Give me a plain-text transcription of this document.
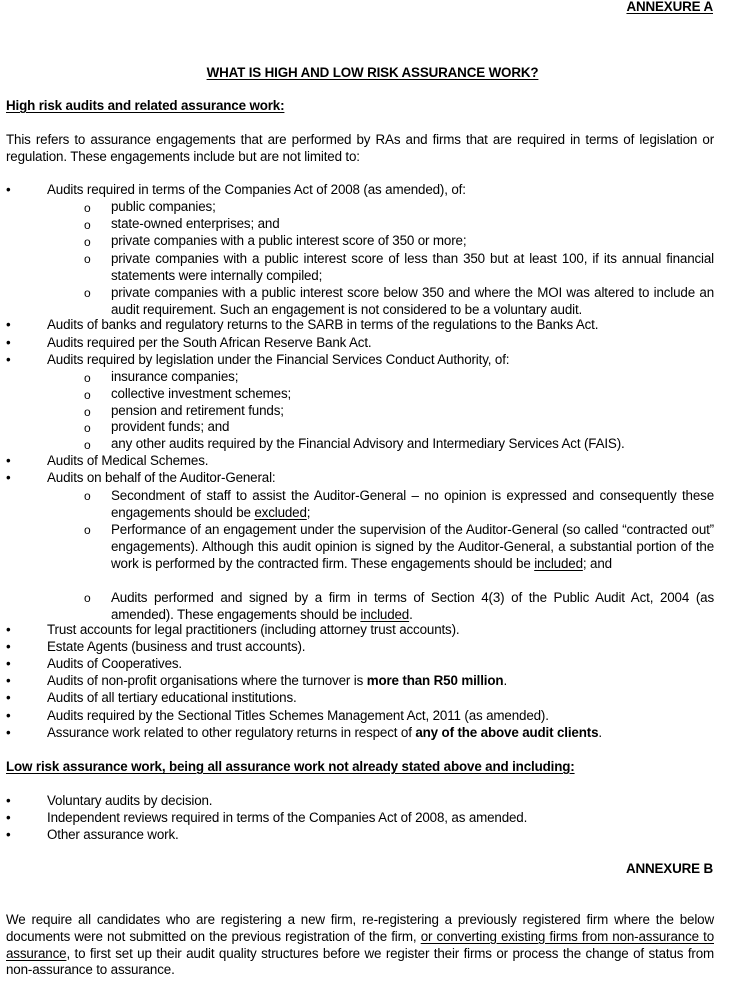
ANNEXURE A
WHAT IS HIGH AND LOW RISK ASSURANCE WORK?
High risk audits and related assurance work:
This refers to assurance engagements that are performed by RAs and firms that are required in terms of legislation or regulation. These engagements include but are not limited to:
•	Audits required in terms of the Companies Act of 2008 (as amended), of:
o public companies;
o state-owned enterprises; and
o private companies with a public interest score of 350 or more;
o private companies with a public interest score of less than 350 but at least 100, if its annual financial statements were internally compiled;
o private companies with a public interest score below 350 and where the MOI was altered to include an audit requirement. Such an engagement is not considered to be a voluntary audit.
•	Audits of banks and regulatory returns to the SARB in terms of the regulations to the Banks Act.
•	Audits required per the South African Reserve Bank Act.
•	Audits required by legislation under the Financial Services Conduct Authority, of:
o insurance companies;
o collective investment schemes;
o pension and retirement funds;
o provident funds; and
o any other audits required by the Financial Advisory and Intermediary Services Act (FAIS).
•	Audits of Medical Schemes.
•	Audits on behalf of the Auditor-General:
o Secondment of staff to assist the Auditor-General – no opinion is expressed and consequently these engagements should be excluded;
o Performance of an engagement under the supervision of the Auditor-General (so called “contracted out” engagements). Although this audit opinion is signed by the Auditor-General, a substantial portion of the work is performed by the contracted firm. These engagements should be included; and
o Audits performed and signed by a firm in terms of Section 4(3) of the Public Audit Act, 2004 (as amended). These engagements should be included.
•	Trust accounts for legal practitioners (including attorney trust accounts).
•	Estate Agents (business and trust accounts).
•	Audits of Cooperatives.
•	Audits of non-profit organisations where the turnover is more than R50 million.
•	Audits of all tertiary educational institutions.
•	Audits required by the Sectional Titles Schemes Management Act, 2011 (as amended).
•	Assurance work related to other regulatory returns in respect of any of the above audit clients.
Low risk assurance work, being all assurance work not already stated above and including:
•	Voluntary audits by decision.
•	Independent reviews required in terms of the Companies Act of 2008, as amended.
•	Other assurance work.
ANNEXURE B
We require all candidates who are registering a new firm, re-registering a previously registered firm where the below documents were not submitted on the previous registration of the firm, or converting existing firms from non-assurance to assurance, to first set up their audit quality structures before we register their firms or process the change of status from non-assurance to assurance.
